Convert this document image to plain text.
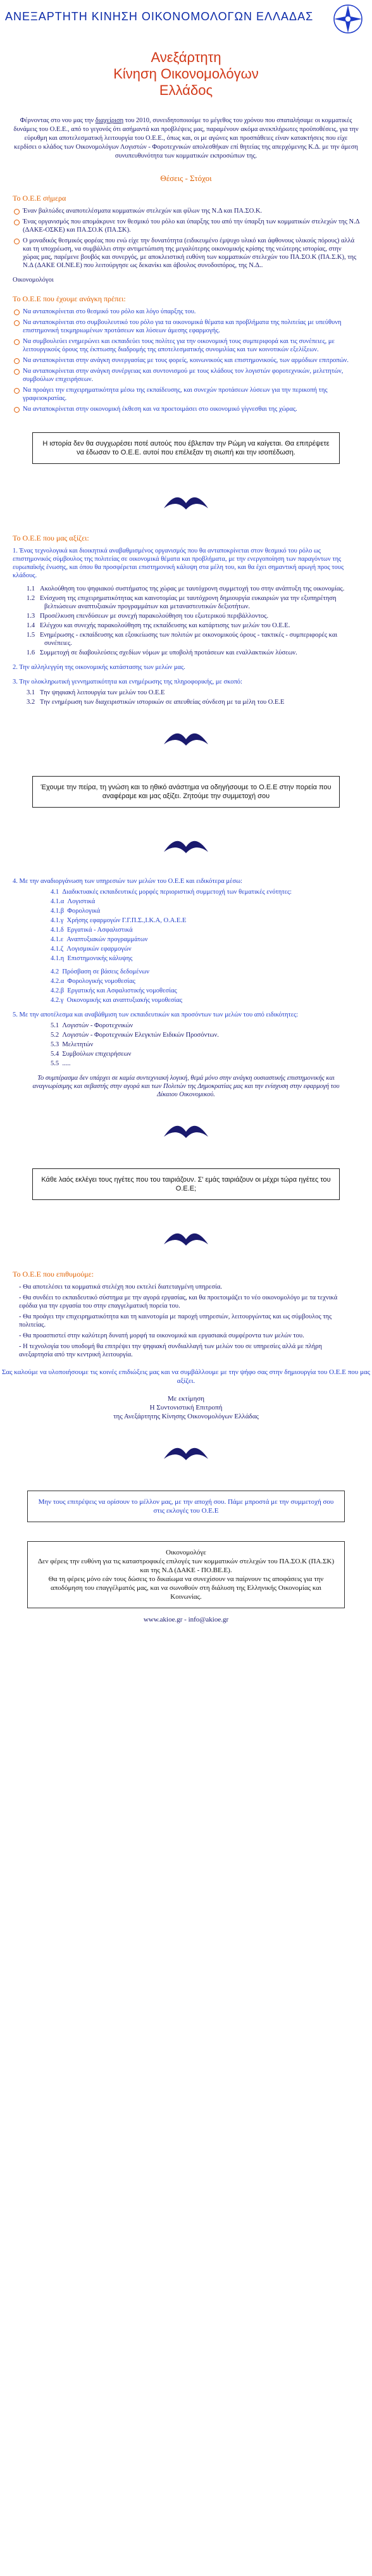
ΑΝΕΞΑΡΤΗΤΗ ΚΙΝΗΣΗ ΟΙΚΟΝΟΜΟΛΟΓΩΝ ΕΛΛΑΔΑΣ
Ανεξάρτητη
Κίνηση Οικονομολόγων
Ελλάδος
Φέρνοντας στο νου μας την διαχείριση του 2010, συνειδητοποιούμε το μέγεθος του χρόνου που σπαταλήσαμε οι κομματικές δυνάμεις του Ο.Ε.Ε., από το γεγονός ότι ασήμαντά και προβλέψεις μας, παραμένουν ακόμα ανεκπλήρωτες προϋποθέσεις, για την εύρυθμη και αποτελεσματική λειτουργία του Ο.Ε.Ε., όπως και, οι με αγώνες και προσπάθειες είναν κατακτήσεις που είχε κερδίσει ο κλάδος των Οικονομολόγων Λογιστών - Φοροτεχνικών απολεσθήκαν επί θητείας της απερχόμενης Κ.Δ. με την άμεση συνυπευθυνότητα των κομματικών εκπροσώπων της.
Θέσεις - Στόχοι
Το Ο.Ε.Ε σήμερα
Έναν βαλτώδες αναποτελέσματα κομματικών στελεχών και φίλων της Ν.Δ και ΠΑ.ΣΟ.Κ.
Ένας οργανισμός που απομάκρυνε τον θεσμικό του ρόλο και ύπαρξης του από την ύπαρξη των κομματικών στελεχών της Ν.Δ (ΔΑΚΕ-ΟΣΚΕ) και ΠΑ.ΣΟ.Κ (ΠΑ.ΣΚ).
Ο μοναδικός θεσμικός φορέας που ενώ είχε την δυνατότητα (ειδικευμένο έμψυχο υλικό και άφθονους υλικούς πόρους) αλλά και τη υποχρέωση, να συμβάλλει στην αντιμετώπιση της μεγαλύτερης οικονομικής κρίσης της νεώτερης ιστορίας, στην χώρας μας, παρέμενε βουβός και συνεργός, με αποκλειστική ευθύνη των κομματικών στελεχών του ΠΑ.ΣΟ.Κ (ΠΑ.Σ.Κ), της Ν.Δ (ΔΑΚΕ ΟΙ.ΝΕ.Ε) που λειτούργησε ως δεκανίκι και άβουλος συνοδοιπόρος, της Ν.Δ..
Οικονομολόγοι
Το Ο.Ε.Ε που έχουμε ανάγκη πρέπει:
Να ανταποκρίνεται στο θεσμικό του ρόλο και λόγο ύπαρξης του.
Να ανταποκρίνεται στο συμβουλευτικό του ρόλο για τα οικονομικά θέματα και προβλήματα της πολιτείας με υπεύθυνη επιστημονική τεκμηριωμένων προτάσεων και λύσεων άμεσης εφαρμογής.
Να συμβουλεύει ενημερώνει και εκπαιδεύει τους πολίτες για την οικονομική τους συμπεριφορά και τις συνέπειες, με λειτουργικούς όρους της έκπτωσης διαδρομής της αποτελεσματικής συνομιλίας και των κοινοτικών εξελίξεων.
Να ανταποκρίνεται στην ανάγκη συνεργασίας με τους φορείς, κοινωνικούς και επιστημονικούς, των αρμόδιων επιτροπών.
Να ανταποκρίνεται στην ανάγκη συνέργειας και συντονισμού με τους κλάδους τον λογιστών φοροτεχνικών, μελετητών, συμβούλων επιχειρήσεων.
Να προάγει την επιχειρηματικότητα μέσω της εκπαίδευσης, και συνεχών προτάσεων λύσεων για την περικοπή της γραφειοκρατίας.
Να ανταποκρίνεται στην οικονομική έκθεση και να προετοιμάσει στο οικονομικό γίγνεσθαι της χώρας.
Η ιστορία δεν θα συγχωρέσει ποτέ αυτούς που έβλεπαν την Ρώμη να καίγεται. Θα επιτρέψετε να έδωσαν το Ο.Ε.Ε. αυτοί που επέλεξαν τη σιωπή και την ισοπέδωση.
Το Ο.Ε.Ε που μας αξίζει:
1. Ένας τεχνολογικά και διοικητικά αναβαθμισμένος οργανισμός που θα ανταποκρίνεται στον θεσμικό του ρόλο ως επιστημονικός σύμβουλος της πολιτείας σε οικονομικά θέματα και προβλήματα, με την ενεργοποίηση των παραγόντων της ευρωπαϊκής ένωσης, και όπου θα προσφέρεται επιστημονική κάλυψη στα μέλη του, και θα έχει σημαντική αρωγή προς τους κλάδους.
1.1 Ακολούθηση του ψηφιακού συστήματος της χώρας με ταυτόχρονη συμμετοχή του στην ανάπτυξη της οικονομίας.
1.2 Ενίσχυση της επιχειρηματικότητας και καινοτομίας με ταυτόχρονη δημιουργία ευκαιριών για την εξυπηρέτηση βελτιώσεων αναπτυξιακών προγραμμάτων και μεταναστευτικών δεξιοτήτων.
1.3 Προσέλκυση επενδύσεων με συνεχή παρακολούθηση του εξωτερικού περιβάλλοντος.
1.4 Ελέγχου και συνεχής παρακολούθηση της εκπαίδευσης και κατάρτισης των μελών του Ο.Ε.Ε.
1.5 Ενημέρωσης - εκπαίδευσης και εξοικείωσης των πολιτών με οικονομικούς όρους - τακτικές - συμπεριφορές και συνέπειες.
1.6 Συμμετοχή σε διαβουλεύσεις σχεδίων νόμων με υποβολή προτάσεων και εναλλακτικών λύσεων.
2. Την αλληλεγγύη της οικονομικής κατάστασης των μελών μας.
3. Την ολοκληρωτική γεννηματικότητα και ενημέρωσης της πληροφορικής, με σκοπό:
3.1 Την ψηφιακή λειτουργία των μελών του Ο.Ε.Ε
3.2 Την ενημέρωση των διαχειριστικών ιστορικών σε απευθείας σύνδεση με τα μέλη του Ο.Ε.Ε
Έχουμε την πείρα, τη γνώση και το ηθικό ανάστημα να οδηγήσουμε το Ο.Ε.Ε στην πορεία που αναφέραμε και μας αξίζει. Ζητούμε την συμμετοχή σου
4. Με την αναδιοργάνωση των υπηρεσιών των μελών του Ο.Ε.Ε και ειδικότερα μέσω:
4.1 Διαδικτυακές εκπαιδευτικές μορφές περιοριστική συμμετοχή των θεματικές ενότητες:
4.1.α Λογιστικά
4.1.β Φορολογικά
4.1.γ Χρήσης εφαρμογών Γ.Γ.Π.Σ.,Ι.Κ.Α, Ο.Α.Ε.Ε
4.1.δ Εργατικά - Ασφαλιστικά
4.1.ε Αναπτυξιακών προγραμμάτων
4.1.ζ Λογισμικών εφαρμογών
4.1.η Επιστημονικής κάλυψης
4.2 Πρόσβαση σε βάσεις δεδομένων
4.2.α Φορολογικής νομοθεσίας
4.2.β Εργατικής και Ασφαλιστικής νομοθεσίας
4.2.γ Οικονομικής και αναπτυξιακής νομοθεσίας
5. Με την αποτέλεσμα και αναβάθμιση των εκπαιδευτικών και προσόντων των μελών του από ειδικότητες:
5.1 Λογιστών - Φοροτεχνικών
5.2 Λογιστών - Φοροτεχνικών Ελεγκτών Ειδικών Προσόντων.
5.3 Μελετητών
5.4 Συμβούλων επιχειρήσεων
5.5 .....
Το συμπέρασμα δεν υπάρχει σε καμία συντεχνιακή λογική, θεμά μόνο στην ανάγκη ουσιαστικής επιστημονικής και αναγνωρίσιμης και σεβαστής στην αγορά και των Πολιτών της Δημοκρατίας μας και την ενίσχυση στην εφαρμογή του Δίκαιου Οικονομικού.
Κάθε λαός εκλέγει τους ηγέτες που του ταιριάζουν. Σ' εμάς ταιριάζουν οι μέχρι τώρα ηγέτες του Ο.Ε.Ε;
Το Ο.Ε.Ε που επιθυμούμε:
- Θα αποτελέσει τα κομματικά στελέχη που εκτελεί διατεταγμένη υπηρεσία.
- Θα συνδέει το εκπαιδευτικό σύστημα με την αγορά εργασίας, και θα προετοιμάζει το νέο οικονομολόγο με τα τεχνικά εφόδια για την εργασία του στην επαγγελματική πορεία του.
- Θα προάγει την επιχειρηματικότητα και τη καινοτομία με παροχή υπηρεσιών, λειτουργώντας και ως σύμβουλος της πολιτείας.
- Θα προασπιστεί στην καλύτερη δυνατή μορφή τα οικονομικά και εργασιακά συμφέροντα των μελών του.
- Η τεχνολογία του υποδομή θα επιτρέψει την ψηφιακή συνδιαλλαγή των μελών του σε υπηρεσίες αλλά με πλήρη ανεξαρτησία από την κεντρική λειτουργία.
Σας καλούμε να υλοποιήσουμε τις κοινές επιδιώξεις μας και να συμβάλλουμε με την ψήφο σας στην δημιουργία του Ο.Ε.Ε που μας αξίζει.
Με εκτίμηση
Η Συντονιστική Επιτροπή
της Ανεξάρτητης Κίνησης Οικονομολόγων Ελλάδας
Μην τους επιτρέψεις να ορίσουν το μέλλον μας, με την αποχή σου. Πάμε μπροστά με την συμμετοχή σου στις εκλογές του Ο.Ε.Ε
Οικονομολόγε
Δεν φέρεις την ευθύνη για τις καταστροφικές επιλογές των κομματικών στελεχών του ΠΑ.ΣΟ.Κ (ΠΑ.ΣΚ) και της Ν.Δ (ΔΑΚΕ - ΠΟ.ΒΕ.Ε).
Θα τη φέρεις μόνο εάν τους δώσεις το δικαίωμα να συνεχίσουν να παίρνουν τις αποφάσεις για την αποδόμηση του επαγγέλματός μας, και να σωνοθούν στη διάλυση της Ελληνικής Οικονομίας και Κοινωνίας.
www.akioe.gr - info@akioe.gr
